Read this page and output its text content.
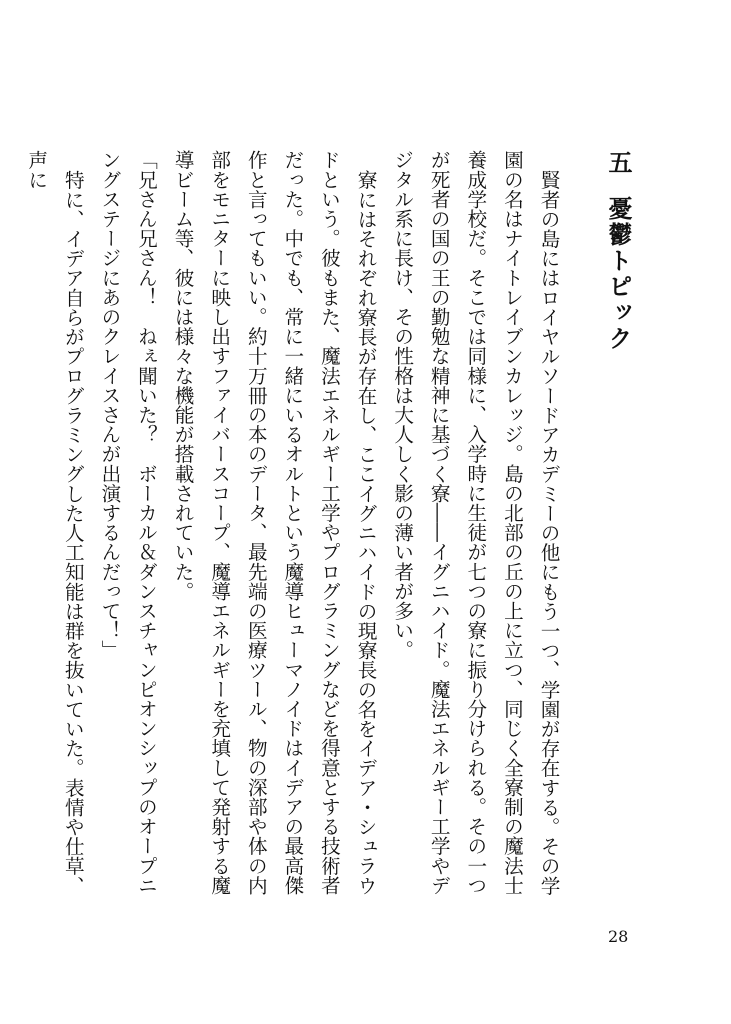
五憂鬱トピック

賢者の島にはロイヤルソードアカデミーの他にもう一つ、学園が存在する。その学園の名はナイトレイブンカレッジ。島の北部の丘の上に立つ、同じく全寮制の魔法士養成学校だ。そこでは同様に、入学時に生徒が七つの寮に振り分けられる。その一つが死者の国の王の勤勉な精神に基づく寮――イグニハイド。魔法エネルギー工学やデジタル系に長け、その性格は大人しく影の薄い者が多い。

寮にはそれぞれ寮長が存在し、ここイグニハイドの現寮長の名をイデア・シュラウドという。彼もまた、魔法エネルギー工学やプログラミングなどを得意とする技術者だった。中でも、常に一緒にいるオルトという魔導ヒューマノイドはイデアの最高傑作と言ってもいい。約十万冊の本のデータ、最先端の医療ツール、物の深部や体の内部をモニターに映し出すファイバースコープ、魔導エネルギーを充填して発射する魔導ビーム等、彼には様々な機能が搭載されていた。

「兄さん兄さん！　ねぇ聞いた？　ボーカル＆ダンスチャンピオンシップのオープニングステージにあのクレイスさんが出演するんだって！」

特に、イデア自らがプログラミングした人工知能は群を抜いていた。表情や仕草、声に

28
